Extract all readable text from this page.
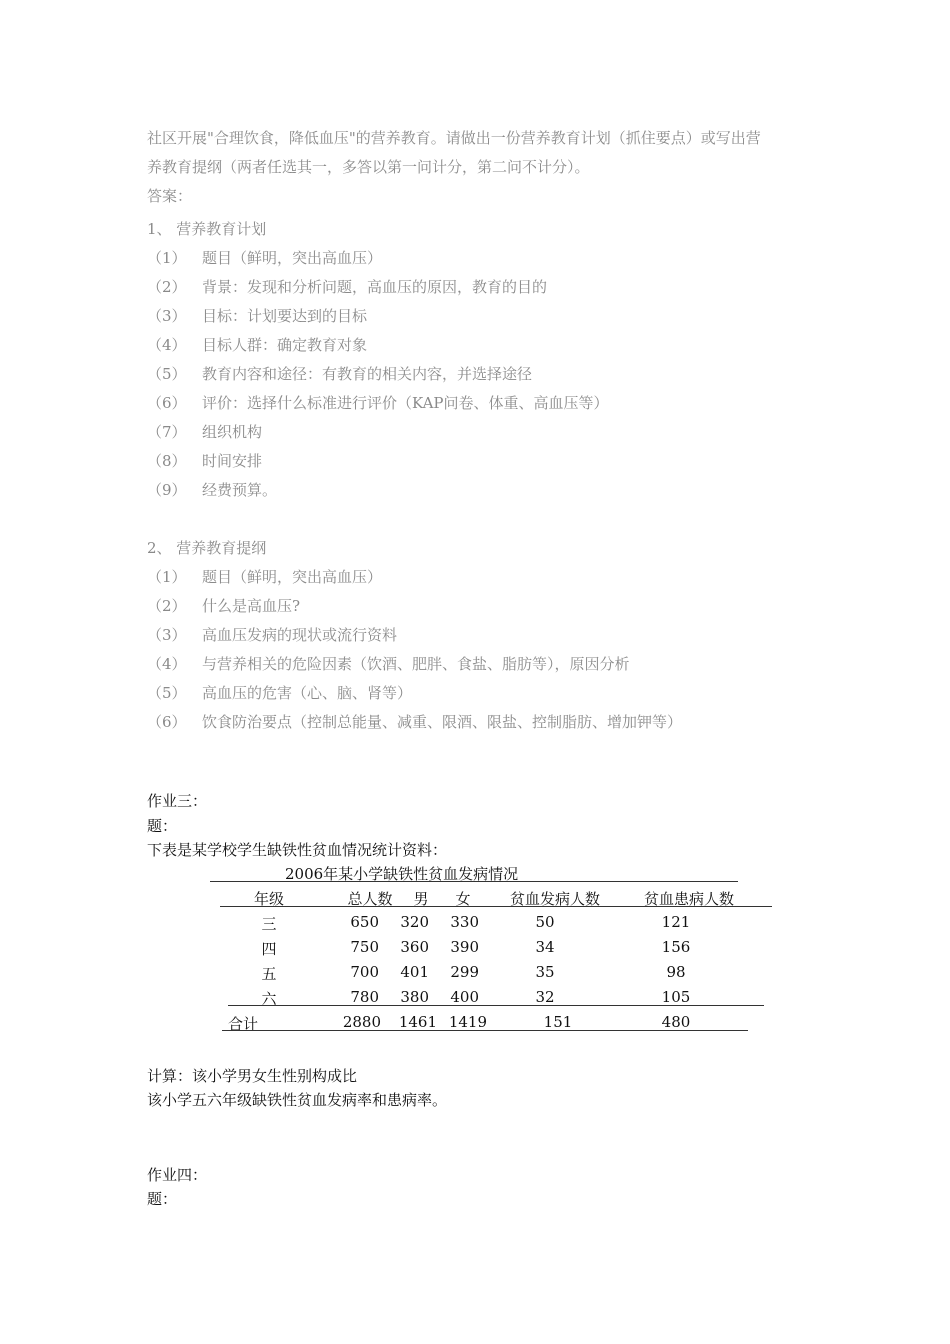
社区开展"合理饮食，降低血压"的营养教育。请做出一份营养教育计划（抓住要点）或写出营
养教育提纲（两者任选其一，多答以第一问计分，第二问不计分）。
答案：
1、 营养教育计划
（1） 题目（鲜明，突出高血压）
（2） 背景：发现和分析问题，高血压的原因，教育的目的
（3） 目标：计划要达到的目标
（4） 目标人群：确定教育对象
（5） 教育内容和途径：有教育的相关内容，并选择途径
（6） 评价：选择什么标准进行评价（KAP问卷、体重、高血压等）
（7） 组织机构
（8） 时间安排
（9） 经费预算。
2、 营养教育提纲
（1） 题目（鲜明，突出高血压）
（2） 什么是高血压?
（3） 高血压发病的现状或流行资料
（4） 与营养相关的危险因素（饮酒、肥胖、食盐、脂肪等），原因分析
（5） 高血压的危害（心、脑、肾等）
（6） 饮食防治要点（控制总能量、减重、限酒、限盐、控制脂肪、增加钾等）
作业三：
题：
下表是某学校学生缺铁性贫血情况统计资料：
2006年某小学缺铁性贫血发病情况
年级	总人数 男 女	贫血发病人数	贫血患病人数
三	650 320 330	50	121
四	750 360 390	34	156
五	700 401 299	35	98
六	780 380 400	32	105
合计	2880 1461 1419	151	480
计算：该小学男女生性别构成比
该小学五六年级缺铁性贫血发病率和患病率。
作业四：
题：
